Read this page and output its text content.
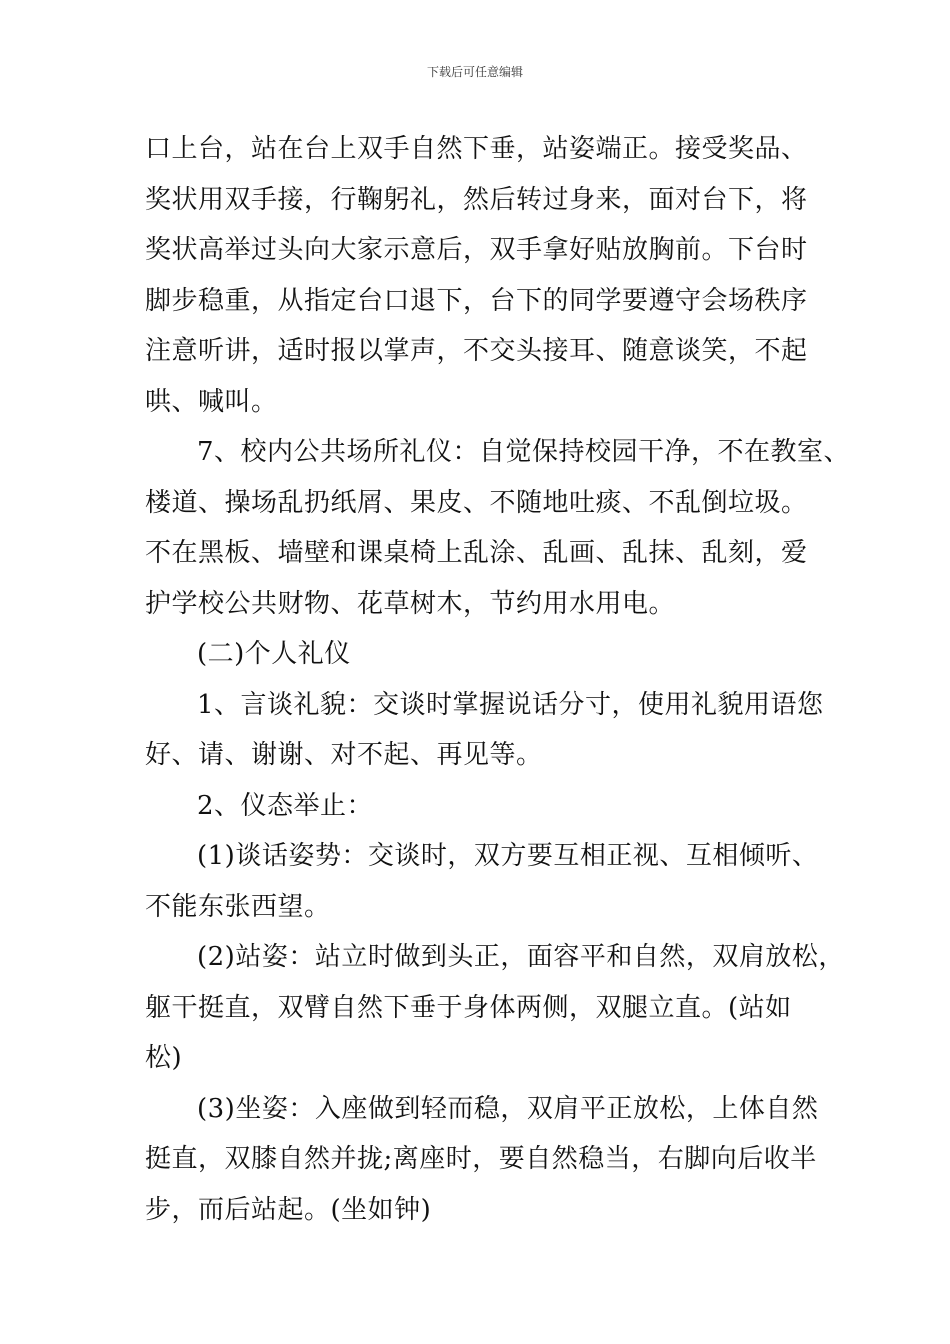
下载后可任意编辑
口上台，站在台上双手自然下垂，站姿端正。接受奖品、
奖状用双手接，行鞠躬礼，然后转过身来，面对台下，将
奖状高举过头向大家示意后，双手拿好贴放胸前。下台时
脚步稳重，从指定台口退下，台下的同学要遵守会场秩序
注意听讲，适时报以掌声，不交头接耳、随意谈笑，不起
哄、喊叫。
7、校内公共场所礼仪：自觉保持校园干净，不在教室、
楼道、操场乱扔纸屑、果皮、不随地吐痰、不乱倒垃圾。
不在黑板、墙壁和课桌椅上乱涂、乱画、乱抹、乱刻，爱
护学校公共财物、花草树木，节约用水用电。
(二)个人礼仪
1、言谈礼貌：交谈时掌握说话分寸，使用礼貌用语您
好、请、谢谢、对不起、再见等。
2、仪态举止：
(1)谈话姿势：交谈时，双方要互相正视、互相倾听、
不能东张西望。
(2)站姿：站立时做到头正，面容平和自然，双肩放松，
躯干挺直，双臂自然下垂于身体两侧，双腿立直。(站如
松)
(3)坐姿：入座做到轻而稳，双肩平正放松，上体自然
挺直，双膝自然并拢;离座时，要自然稳当，右脚向后收半
步，而后站起。(坐如钟)
